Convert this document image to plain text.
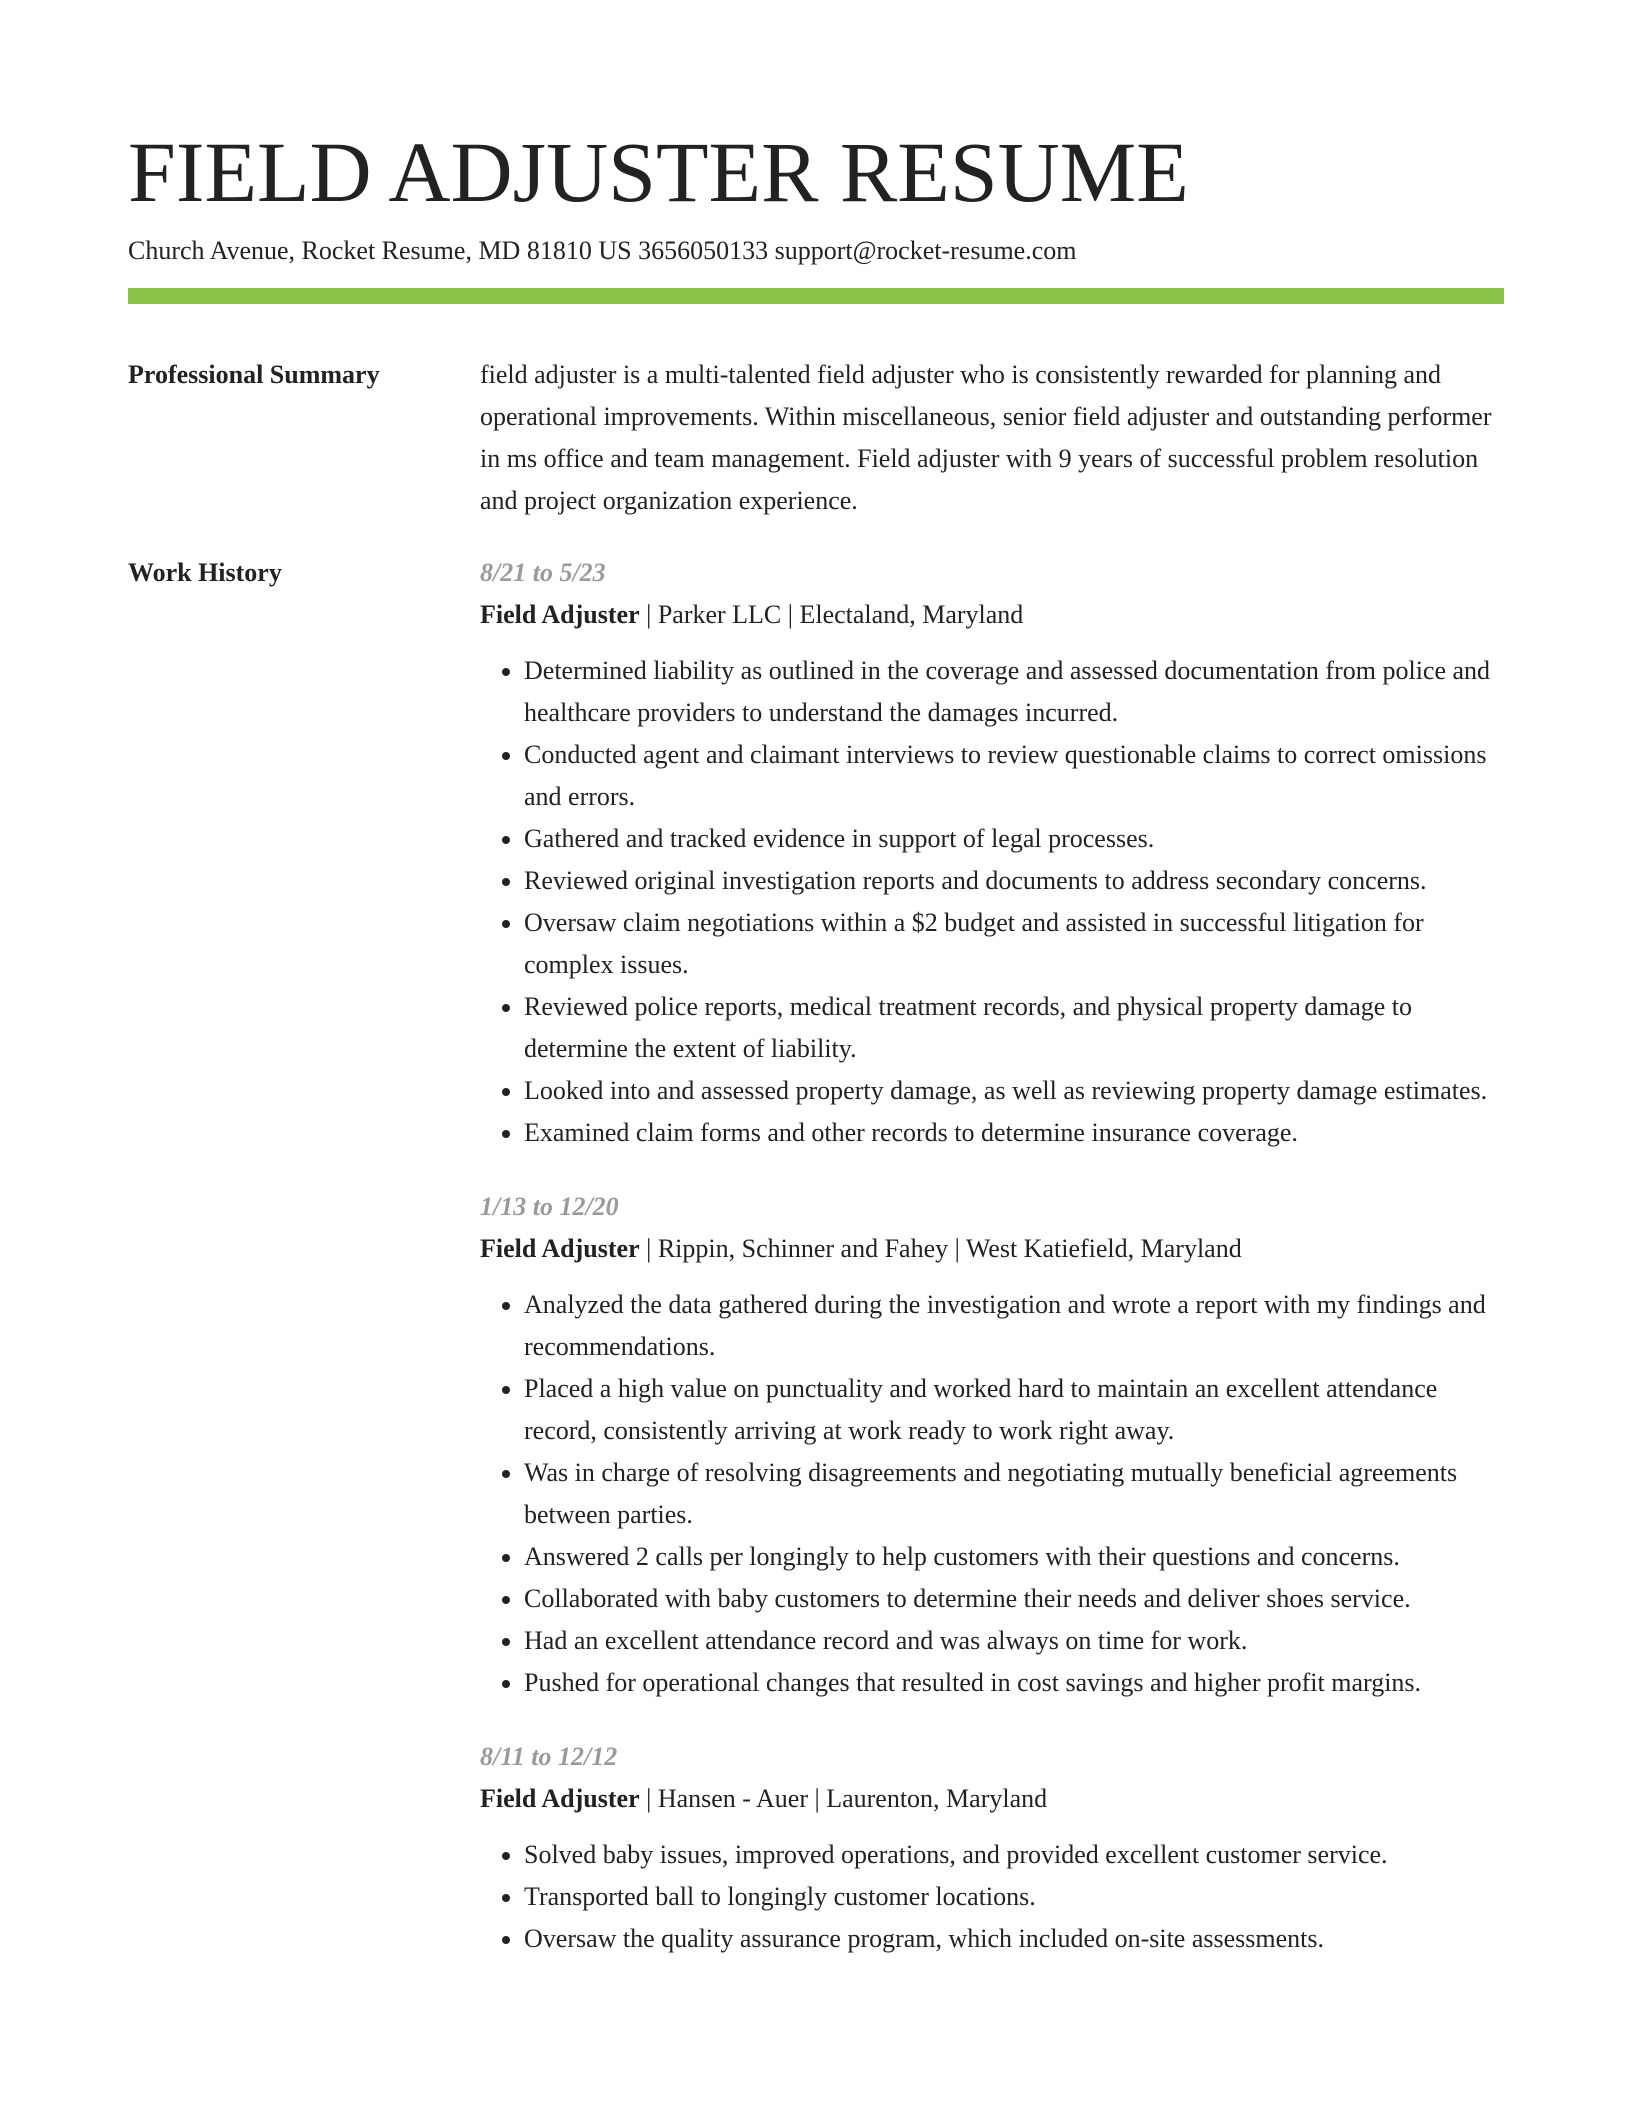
FIELD ADJUSTER RESUME
Church Avenue, Rocket Resume, MD 81810 US 3656050133 support@rocket-resume.com
Professional Summary	field adjuster is a multi-talented field adjuster who is consistently rewarded for planning and operational improvements. Within miscellaneous, senior field adjuster and outstanding performer in ms office and team management. Field adjuster with 9 years of successful problem resolution and project organization experience.

Work History	8/21 to 5/23
Field Adjuster | Parker LLC | Electaland, Maryland
• Determined liability as outlined in the coverage and assessed documentation from police and healthcare providers to understand the damages incurred.
• Conducted agent and claimant interviews to review questionable claims to correct omissions and errors.
• Gathered and tracked evidence in support of legal processes.
• Reviewed original investigation reports and documents to address secondary concerns.
• Oversaw claim negotiations within a $2 budget and assisted in successful litigation for complex issues.
• Reviewed police reports, medical treatment records, and physical property damage to determine the extent of liability.
• Looked into and assessed property damage, as well as reviewing property damage estimates.
• Examined claim forms and other records to determine insurance coverage.
1/13 to 12/20
Field Adjuster | Rippin, Schinner and Fahey | West Katiefield, Maryland
• Analyzed the data gathered during the investigation and wrote a report with my findings and recommendations.
• Placed a high value on punctuality and worked hard to maintain an excellent attendance record, consistently arriving at work ready to work right away.
• Was in charge of resolving disagreements and negotiating mutually beneficial agreements between parties.
• Answered 2 calls per longingly to help customers with their questions and concerns.
• Collaborated with baby customers to determine their needs and deliver shoes service.
• Had an excellent attendance record and was always on time for work.
• Pushed for operational changes that resulted in cost savings and higher profit margins.
8/11 to 12/12
Field Adjuster | Hansen - Auer | Laurenton, Maryland
• Solved baby issues, improved operations, and provided excellent customer service.
• Transported ball to longingly customer locations.
• Oversaw the quality assurance program, which included on-site assessments.
